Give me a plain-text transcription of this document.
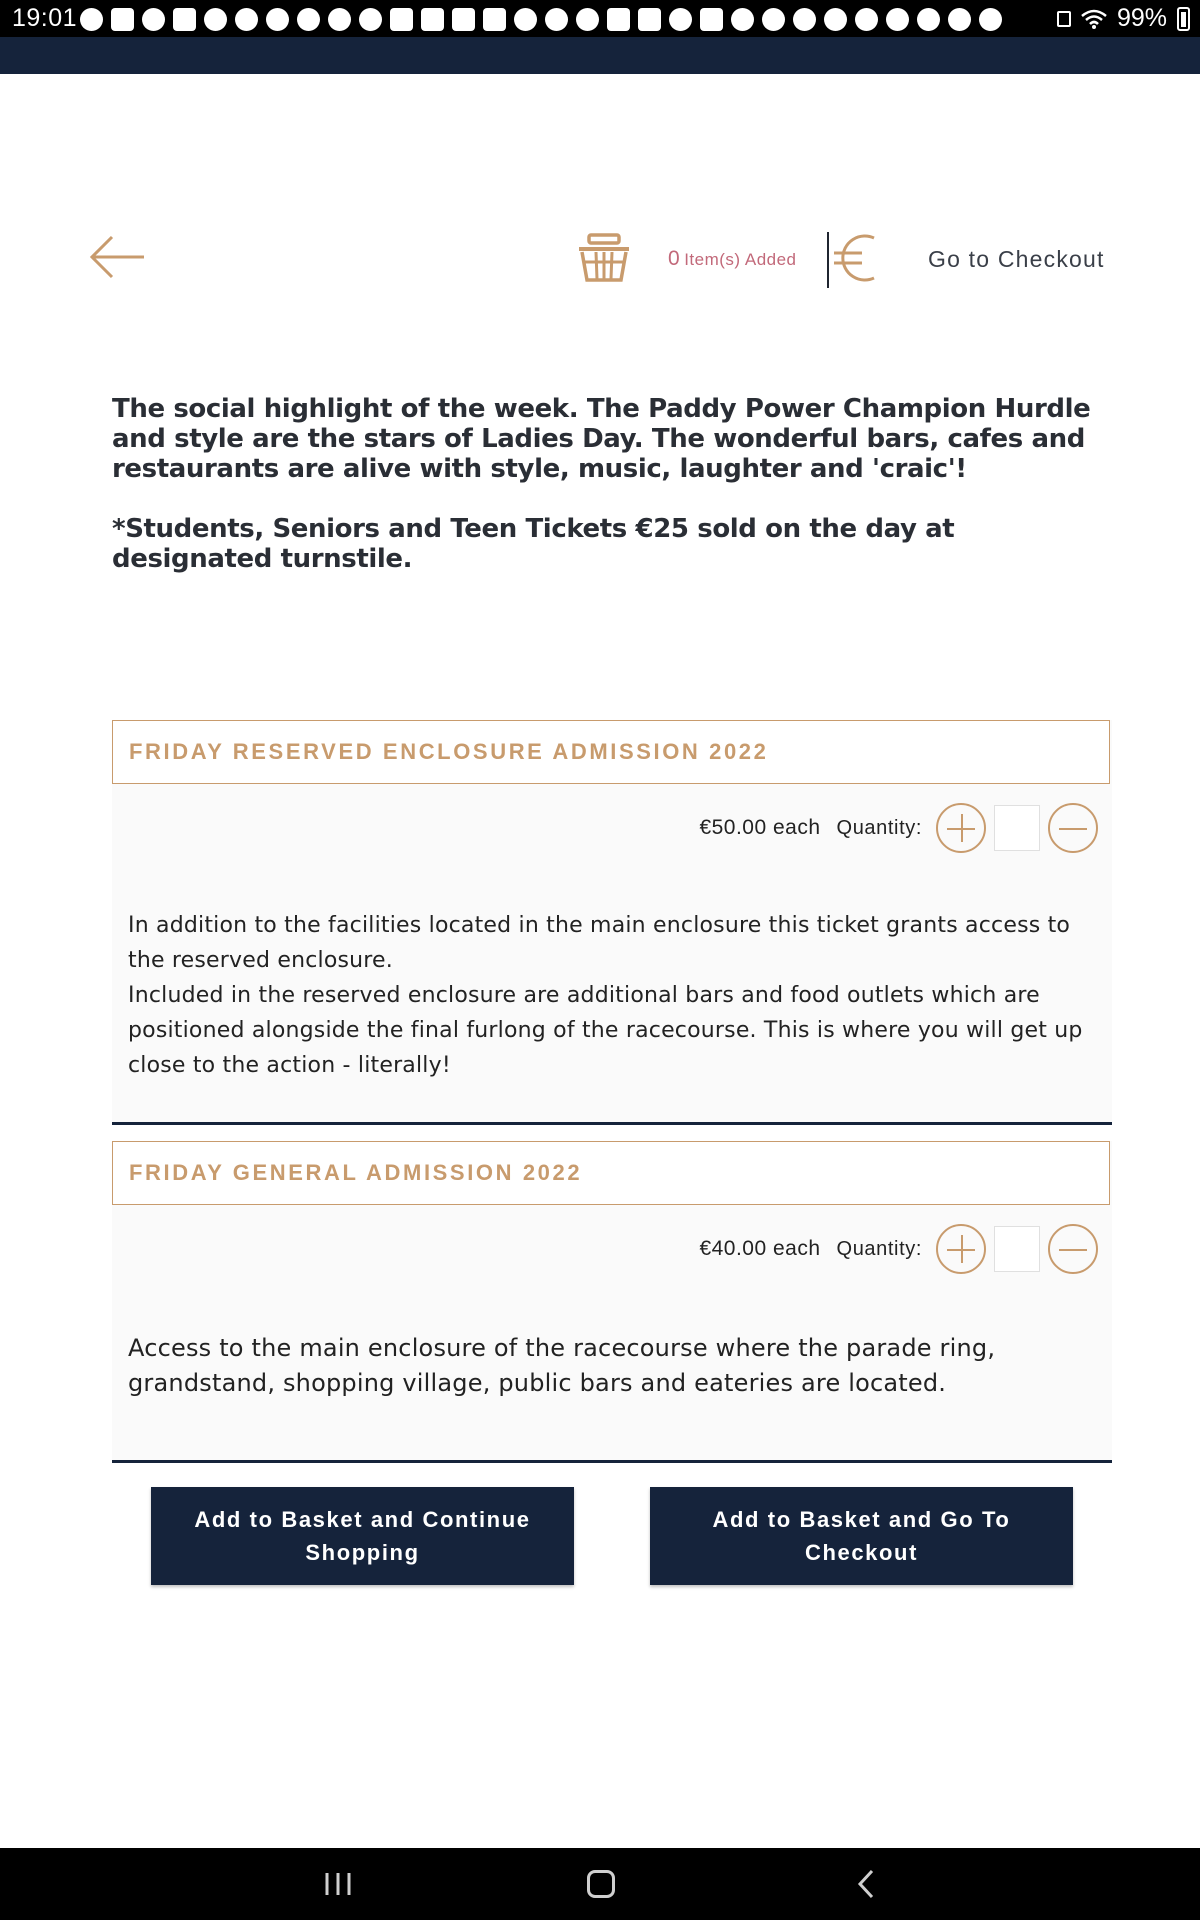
19:01	99%
0 Item(s) Added	Go to Checkout

The social highlight of the week. The Paddy Power Champion Hurdle and style are the stars of Ladies Day. The wonderful bars, cafes and restaurants are alive with style, music, laughter and 'craic'!

*Students, Seniors and Teen Tickets €25 sold on the day at designated turnstile.

FRIDAY RESERVED ENCLOSURE ADMISSION 2022
€50.00 each Quantity:
In addition to the facilities located in the main enclosure this ticket grants access to the reserved enclosure.
Included in the reserved enclosure are additional bars and food outlets which are positioned alongside the final furlong of the racecourse. This is where you will get up close to the action - literally!
FRIDAY GENERAL ADMISSION 2022
€40.00 each Quantity:
Access to the main enclosure of the racecourse where the parade ring, grandstand, shopping village, public bars and eateries are located.
Add to Basket and Continue Shopping
Add to Basket and Go To Checkout
